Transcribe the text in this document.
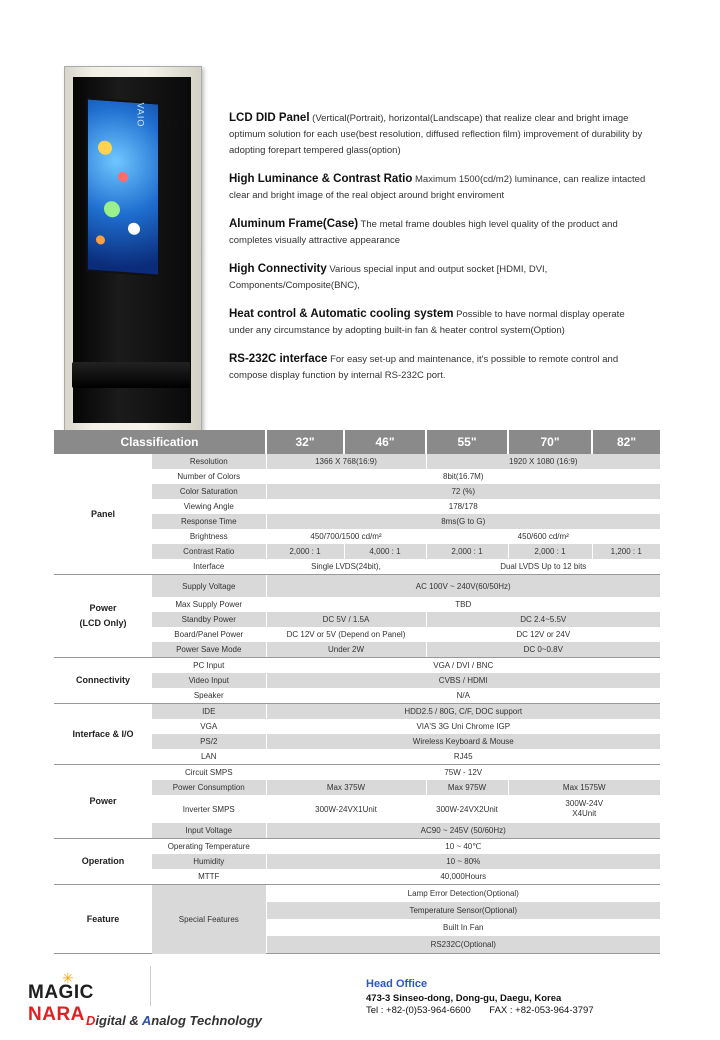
VAIO	LCD DID Panel (Vertical(Portrait), horizontal(Landscape) that realize clear and bright image optimum solution for each use(best resolution, diffused reflection film) improvement of durability by adopting forepart tempered glass(option)
High Luminance & Contrast Ratio Maximum 1500(cd/m2) luminance, can realize intacted clear and bright image of the real object around bright enviroment
Aluminum Frame(Case) The metal frame doubles high level quality of the product and completes visually attractive appearance
High Connectivity Various special input and output socket [HDMI, DVI, Components/Composite(BNC),
Heat control & Automatic cooling system Possible to have normal display operate under any circumstance by adopting built-in fan & heater control system(Option)
RS-232C interface For easy set-up and maintenance, it's possible to remote control and compose display function by internal RS-232C port.
Classification		32"	46"	55"	70"	82"
Panel	Resolution	1366 X 768(16:9)		1920 X 1080 (16:9)		
	Number of Colors	8bit(16.7M)				
	Color Saturation	72 (%)				
	Viewing Angle	178/178				
	Response Time	8ms(G to G)				
	Brightness	450/700/1500 cd/m²		450/600 cd/m²		
	Contrast Ratio	2,000 : 1	4,000 : 1	2,000 : 1	2,000 : 1	1,200 : 1
	Interface	Single LVDS(24bit),		Dual LVDS Up to 12 bits		
Power
(LCD Only)	Supply Voltage	AC 100V ~ 240V(60/50Hz)				
	Max Supply Power	TBD				
	Standby Power	DC 5V / 1.5A		DC 2.4~5.5V		
	Board/Panel Power	DC 12V or 5V (Depend on Panel)		DC 12V or 24V		
	Power Save Mode	Under 2W		DC 0~0.8V		
Connectivity	PC Input	VGA / DVI / BNC				
	Video Input	CVBS / HDMI				
	Speaker	N/A				
Interface & I/O	IDE	HDD2.5 / 80G, C/F, DOC support				
	VGA	VIA'S 3G Uni Chrome IGP				
	PS/2	Wireless Keyboard & Mouse				
	LAN	RJ45				
Power	Circuit SMPS	75W - 12V				
	Power Consumption	Max 375W		Max 975W	Max 1575W	
	Inverter SMPS	300W-24VX1Unit		300W-24VX2Unit	300W-24V
X4Unit	
	Input Voltage	AC90 ~ 245V (50/60Hz)				
Operation	Operating Temperature	10 ~ 40℃				
	Humidity	10 ~ 80%				
	MTTF	40,000Hours				
Feature	Special Features	Lamp Error Detection(Optional)				
		Temperature Sensor(Optional)				
		Built In Fan				
		RS232C(Optional)				
✳
MAGIC NARA Digital & Analog Technology
Head Office
473-3 Sinseo-dong, Dong-gu, Daegu, Korea
Tel : +82-(0)53-964-6600       FAX : +82-053-964-3797
